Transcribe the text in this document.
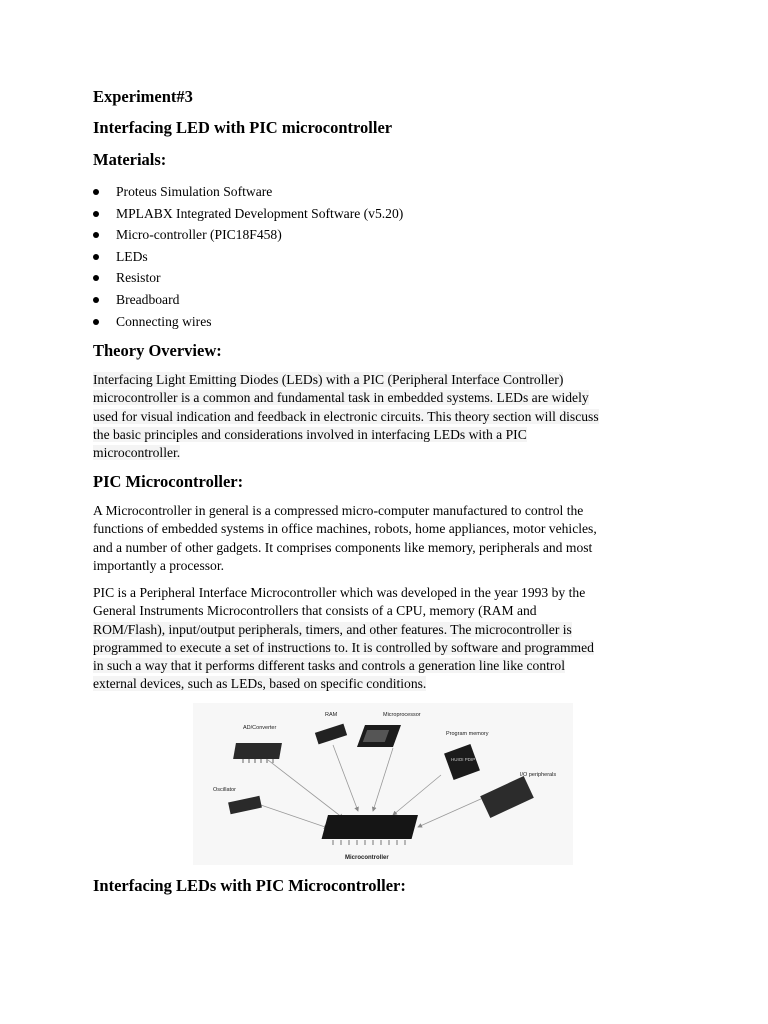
Experiment#3
Interfacing LED with PIC microcontroller
Materials:
Proteus Simulation Software
MPLABX Integrated Development Software (v5.20)
Micro-controller (PIC18F458)
LEDs
Resistor
Breadboard
Connecting wires
Theory Overview:
Interfacing Light Emitting Diodes (LEDs) with a PIC (Peripheral Interface Controller)
microcontroller is a common and fundamental task in embedded systems. LEDs are widely
used for visual indication and feedback in electronic circuits. This theory section will discuss
the basic principles and considerations involved in interfacing LEDs with a PIC
microcontroller.
PIC Microcontroller:
A Microcontroller in general is a compressed micro-computer manufactured to control the
functions of embedded systems in office machines, robots, home appliances, motor vehicles,
and a number of other gadgets. It comprises components like memory, peripherals and most
importantly a processor.
PIC is a Peripheral Interface Microcontroller which was developed in the year 1993 by the
General Instruments Microcontrollers that consists of a CPU, memory (RAM and
ROM/Flash), input/output peripherals, timers, and other features. The microcontroller is
programmed to execute a set of instructions to. It is controlled by software and programmed
in such a way that it performs different tasks and controls a generation line like control
external devices, such as LEDs, based on specific conditions.
Interfacing LEDs with PIC Microcontroller:
AD/Converter
RAM	Microprocessor
HUIOI PDIP
Program memory
I/O peripherals
Oscillator
Microcontroller
